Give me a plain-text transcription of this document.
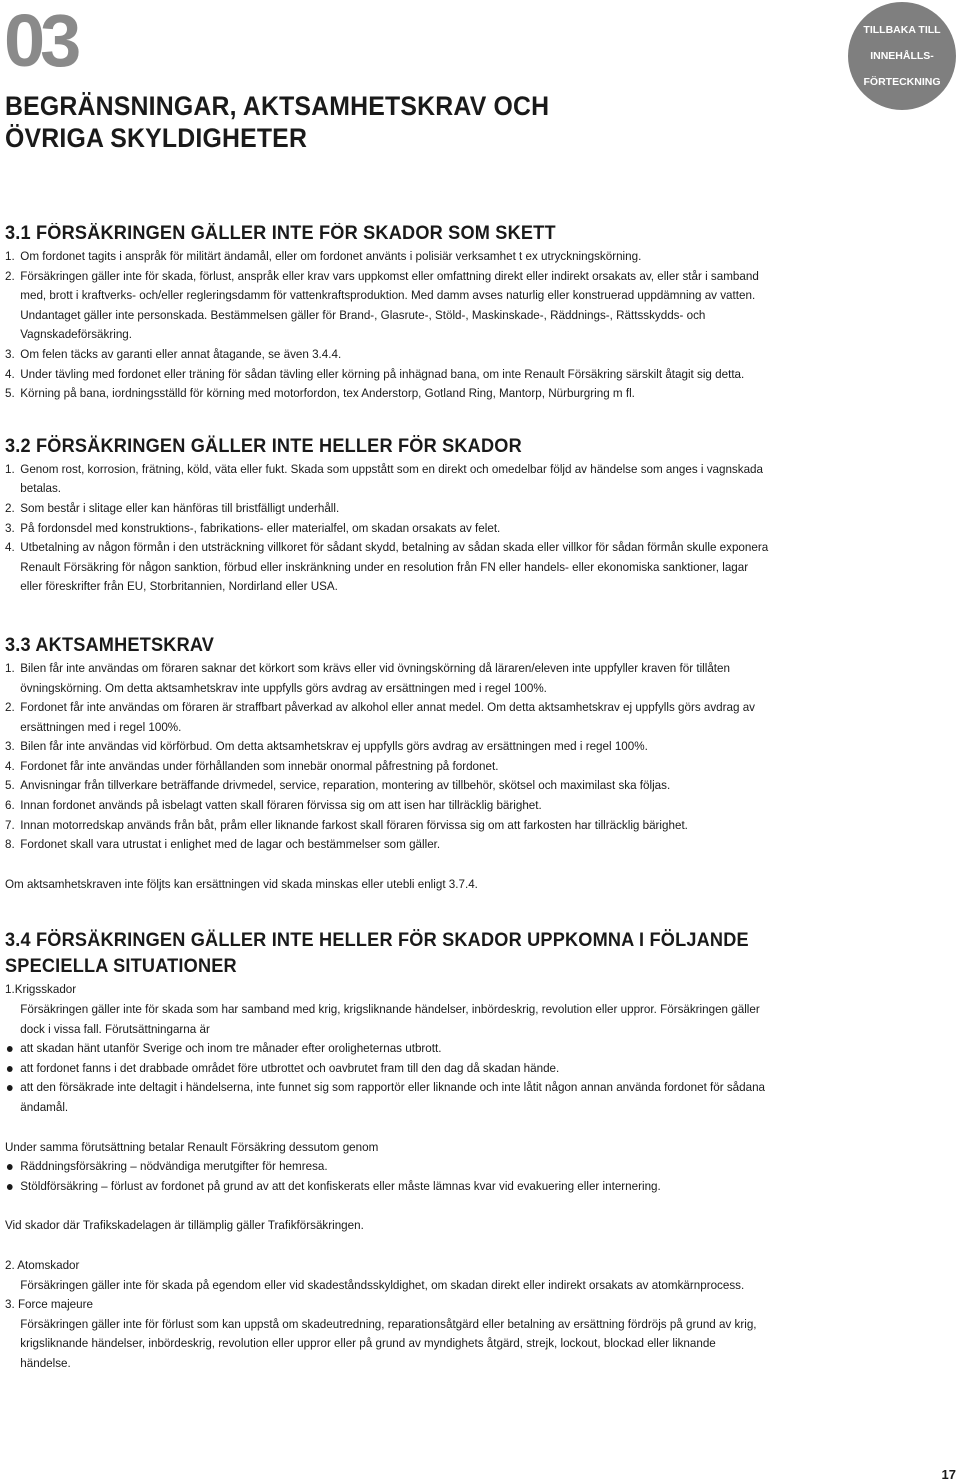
03
BEGRÄNSNINGAR, AKTSAMHETSKRAV OCH
ÖVRIGA SKYLDIGHETER
TILLBAKA TILL

INNEHÅLLS-

FÖRTECKNING
3.1 FÖRSÄKRINGEN GÄLLER INTE FÖR SKADOR SOM SKETT
1. Om fordonet tagits i anspråk för militärt ändamål, eller om fordonet använts i polisiär verksamhet t ex utryckningskörning.
2. Försäkringen gäller inte för skada, förlust, anspråk eller krav vars uppkomst eller omfattning direkt eller indirekt orsakats av, eller står i samband med, brott i kraftverks- och/eller regleringsdamm för vattenkraftsproduktion. Med damm avses naturlig eller konstruerad uppdämning av vatten. Undantaget gäller inte personskada. Bestämmelsen gäller för Brand-, Glasrute-, Stöld-, Maskinskade-, Räddnings-, Rättsskydds- och Vagnskadeförsäkring.
3. Om felen täcks av garanti eller annat åtagande, se även 3.4.4.
4. Under tävling med fordonet eller träning för sådan tävling eller körning på inhägnad bana, om inte Renault Försäkring särskilt åtagit sig detta.
5. Körning på bana, iordningsställd för körning med motorfordon, tex Anderstorp, Gotland Ring, Mantorp, Nürburgring m fl.
3.2 FÖRSÄKRINGEN GÄLLER INTE HELLER FÖR SKADOR
1. Genom rost, korrosion, frätning, köld, väta eller fukt. Skada som uppstått som en direkt och omedelbar följd av händelse som anges i vagnskada betalas.
2. Som består i slitage eller kan hänföras till bristfälligt underhåll.
3. På fordonsdel med konstruktions-, fabrikations- eller materialfel, om skadan orsakats av felet.
4. Utbetalning av någon förmån i den utsträckning villkoret för sådant skydd, betalning av sådan skada eller villkor för sådan förmån skulle exponera Renault Försäkring för någon sanktion, förbud eller inskränkning under en resolution från FN eller handels- eller ekonomiska sanktioner, lagar eller föreskrifter från EU, Storbritannien, Nordirland eller USA.
3.3 AKTSAMHETSKRAV
1. Bilen får inte användas om föraren saknar det körkort som krävs eller vid övningskörning då läraren/eleven inte uppfyller kraven för tillåten övningskörning. Om detta aktsamhetskrav inte uppfylls görs avdrag av ersättningen med i regel 100%.
2. Fordonet får inte användas om föraren är straffbart påverkad av alkohol eller annat medel. Om detta aktsamhetskrav ej uppfylls görs avdrag av ersättningen med i regel 100%.
3. Bilen får inte användas vid körförbud. Om detta aktsamhetskrav ej uppfylls görs avdrag av ersättningen med i regel 100%.
4. Fordonet får inte användas under förhållanden som innebär onormal påfrestning på fordonet.
5. Anvisningar från tillverkare beträffande drivmedel, service, reparation, montering av tillbehör, skötsel och maximilast ska följas.
6. Innan fordonet används på isbelagt vatten skall föraren förvissa sig om att isen har tillräcklig bärighet.
7. Innan motorredskap används från båt, pråm eller liknande farkost skall föraren förvissa sig om att farkosten har tillräcklig bärighet.
8. Fordonet skall vara utrustat i enlighet med de lagar och bestämmelser som gäller.

Om aktsamhetskraven inte följts kan ersättningen vid skada minskas eller utebli enligt 3.7.4.

3.4 FÖRSÄKRINGEN GÄLLER INTE HELLER FÖR SKADOR UPPKOMNA I FÖLJANDE
SPECIELLA SITUATIONER

1.Krigsskador

Försäkringen gäller inte för skada som har samband med krig, krigsliknande händelser, inbördeskrig, revolution eller uppror. Försäkringen gäller dock i vissa fall. Förutsättningarna är

att skadan hänt utanför Sverige och inom tre månader efter oroligheternas utbrott.
att fordonet fanns i det drabbade området före utbrottet och oavbrutet fram till den dag då skadan hände.
att den försäkrade inte deltagit i händelserna, inte funnet sig som rapportör eller liknande och inte låtit någon annan använda fordonet för sådana ändamål.

Under samma förutsättning betalar Renault Försäkring dessutom genom

Räddningsförsäkring – nödvändiga merutgifter för hemresa.
Stöldförsäkring – förlust av fordonet på grund av att det konfiskerats eller måste lämnas kvar vid evakuering eller internering.

Vid skador där Trafikskadelagen är tillämplig gäller Trafikförsäkringen.

2. Atomskador

Försäkringen gäller inte för skada på egendom eller vid skadeståndsskyldighet, om skadan direkt eller indirekt orsakats av atomkärnprocess.

3. Force majeure

Försäkringen gäller inte för förlust som kan uppstå om skadeutredning, reparationsåtgärd eller betalning av ersättning fördröjs på grund av krig, krigsliknande händelser, inbördeskrig, revolution eller uppror eller på grund av myndighets åtgärd, strejk, lockout, blockad eller liknande händelse.

17
